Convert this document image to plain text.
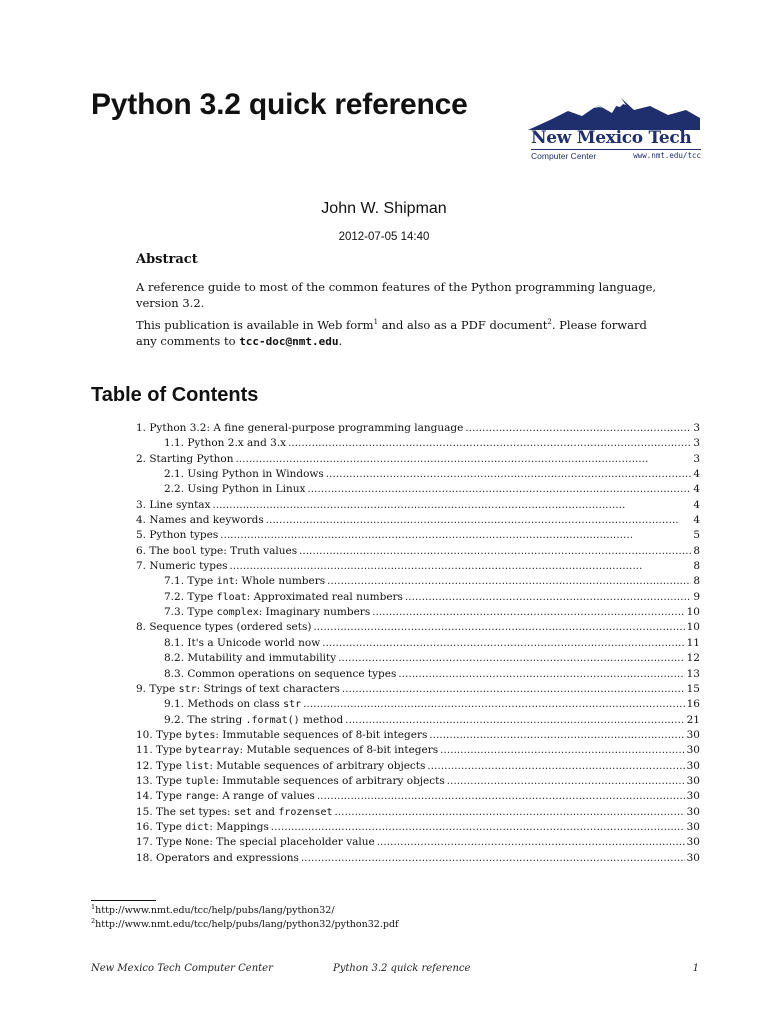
Python 3.2 quick reference
New Mexico Tech
Computer Center	www.nmt.edu/tcc
John W. Shipman
2012-07-05 14:40
Abstract
A reference guide to most of the common features of the Python programming language, version 3.2.
This publication is available in Web form$^1$ and also as a PDF document$^2$. Please forward any comments to tcc-doc@nmt.edu.
Table of Contents
1. Python 3.2: A fine general-purpose programming language . . .	3
1.1. Python 2.x and 3.x . . .	3
2. Starting Python . . .	3
2.1. Using Python in Windows . . .	4
2.2. Using Python in Linux . . .	4
3. Line syntax . . .	4
4. Names and keywords . . .	4
5. Python types . . .	5
6. The bool type: Truth values . . .	8
7. Numeric types . . .	8
7.1. Type int: Whole numbers . . .	8
7.2. Type float: Approximated real numbers . . .	9
7.3. Type complex: Imaginary numbers . . .	10
8. Sequence types (ordered sets) . . .	10
8.1. It's a Unicode world now . . .	11
8.2. Mutability and immutability . . .	12
8.3. Common operations on sequence types . . .	13
9. Type str: Strings of text characters . . .	15
9.1. Methods on class str . . .	16
9.2. The string .format() method . . .	21
10. Type bytes: Immutable sequences of 8-bit integers . . .	30
11. Type bytearray: Mutable sequences of 8-bit integers . . .	30
12. Type list: Mutable sequences of arbitrary objects . . .	30
13. Type tuple: Immutable sequences of arbitrary objects . . .	30
14. Type range: A range of values . . .	30
15. The set types: set and frozenset . . .	30
16. Type dict: Mappings . . .	30
17. Type None: The special placeholder value . . .	30
18. Operators and expressions . . .	30
$^1$http://www.nmt.edu/tcc/help/pubs/lang/python32/
$^2$http://www.nmt.edu/tcc/help/pubs/lang/python32/python32.pdf
New Mexico Tech Computer Center	Python 3.2 quick reference	1
